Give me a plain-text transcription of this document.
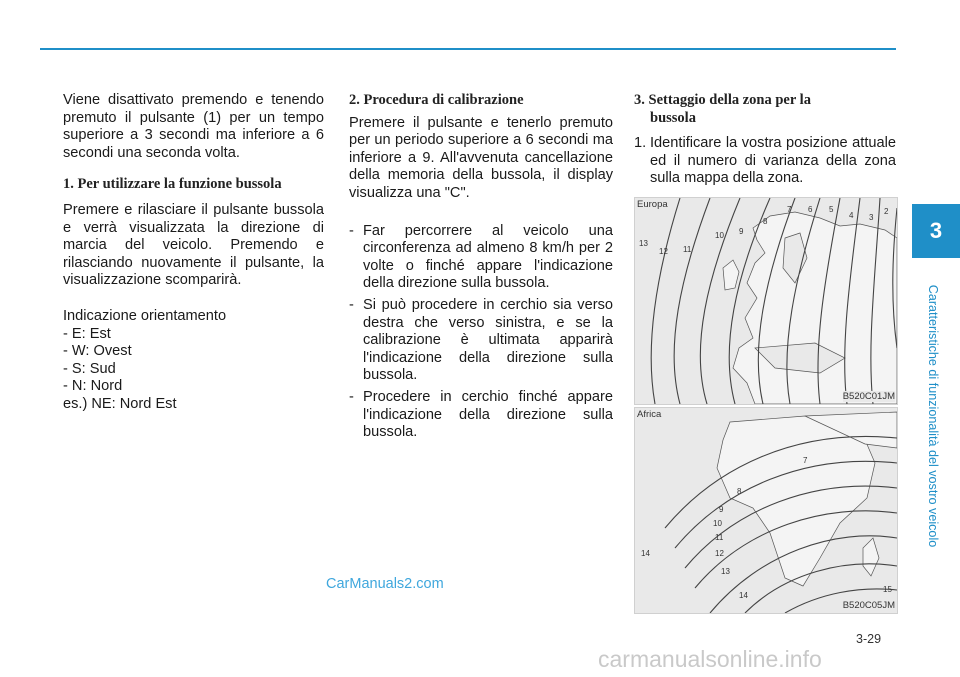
Viene disattivato premendo e tenendo premuto il pulsante (1) per un tempo superiore a 3 secondi ma inferiore a 6 secondi una seconda volta.

1. Per utilizzare la funzione bussola

Premere e rilasciare il pulsante bussola e verrà visualizzata la direzione di marcia del veicolo. Premendo e rilasciando nuovamente il pulsante, la visualizzazione scomparirà.

Indicazione orientamento

- E: Est

- W: Ovest

- S: Sud

- N: Nord

es.) NE: Nord Est

2. Procedura di calibrazione

Premere il pulsante e tenerlo premuto per un periodo superiore a 6 secondi ma inferiore a 9. All'avvenuta cancellazione della memoria della bussola, il display visualizza una "C".

- Far percorrere al veicolo una circonferenza ad almeno 8 km/h per 2 volte o finché appare l'indicazione della direzione sulla bussola.
- Si può procedere in cerchio sia verso destra che verso sinistra, e se la calibrazione è ultimata apparirà l'indicazione della direzione sulla bussola.
- Procedere in cerchio finché appare l'indicazione della direzione sulla bussola.
3. Settaggio della zona per la
bussola
1. Identificare la vostra posizione attuale ed il numero di varianza della zona sulla mappa della zona.
13
12 11
10 9
8
7 6 5
4 3
2
Europa
B520C01JM
7
8
9
10
11
12
13
14
14
15
Africa
B520C05JM
3
Caratteristiche di funzionalità del vostro veicolo
3-29
CarManuals2.com
carmanualsonline.info
